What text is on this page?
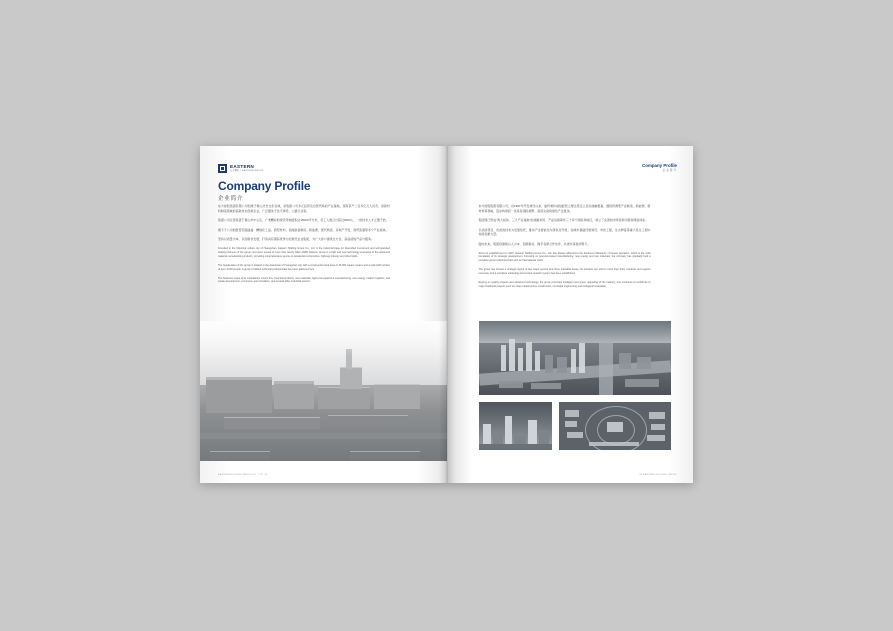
EASTERN
东方雨虹 / EASTERN GROUP
Company Profile
企业简介

东方控股集团有限公司创建于黄山历史文化名城，是集团公司多元投资及自营贸易的产业基地，现有资产二百多亿元人民币，是新材料制造领域的高新技术创新企业，广泛服务于住宅建设、公路行业等。

集团公司总部座落于黄山市中心区，广袤精彩的建设用地面积达15000平方米，员工人数合计超过3000人，一批技术人才汇聚于此。

旗下子公司的经营范围涵盖：精细化工品、新型材料、高端装备制造、新能源、现代物流、房地产开发、商贸流通等多个产业板块。

坚持以质量为本、以创新求发展，打造具有国际竞争力的现代企业集团，为广大客户提供全方位、高品质的产品与服务。

Founded in the historical culture city of Huangshan, Eastern Holding Group Co., Ltd. is the industrial base for diversified investment and self-operated trading business of the group, and owns assets of more than twenty billion RMB. Eastern Group is a high and new technology enterprise in the advanced material manufacturing industry, providing comprehensive service to residential construction, highway industry and other fields.

The headquarter of the group is located in the downtown of Huangshan city, with a construction land area of 15,000 square meters and a total staff number of over 3,000 people. A group of skilled technical professionals has been gathered here.

The business scope of its subsidiaries covers fine chemical products, new materials, high-end equipment manufacturing, new energy, modern logistics, real estate development, commerce and circulation, and several other industrial sectors.

EASTERN HOLDING GROUP CO., LTD. 05
Company Profile
企业简介

东方控股集团有限公司，自1997年开发建设以来，始终秉持诚信经营之理念坚定立足的战略根基，围绕资源型产业制造、新能源、新材料等领域，逐步构建起一条具有国际视野、高度完备的绿色产业链条。

集团现已形成“两大板块、三大产业基地”的战略布局，产品远销海外三十多个国家和地区，建立了完善的市场营销与服务网络体系。

以优质项目、优质的技术为发展依托，推动产业智能化与绿色化升级；在城市基础设施建设、市政工程、生态修复等重大民生工程中持续贡献力量。

面向未来，集团将继续以人为本、创新驱动，携手各界合作伙伴，共建共享美好明天。

Since its establishment in 1997, Eastern Holding Group Co., Ltd. has always adhered to the business philosophy of honest operation, which is the solid foundation of its strategic development. Focusing on resource-based manufacturing, new energy and new materials, the company has gradually built a complete green industrial chain with an international vision.

The group has formed a strategic layout of two major sectors and three industrial bases. Its products are sold to more than thirty countries and regions overseas, and a complete marketing and service network system has been established.

Relying on quality projects and advanced technology, the group promotes intelligent and green upgrading of the industry, and continues to contribute to major livelihood projects such as urban infrastructure construction, municipal engineering and ecological restoration.

06 EASTERN HOLDING GROUP
